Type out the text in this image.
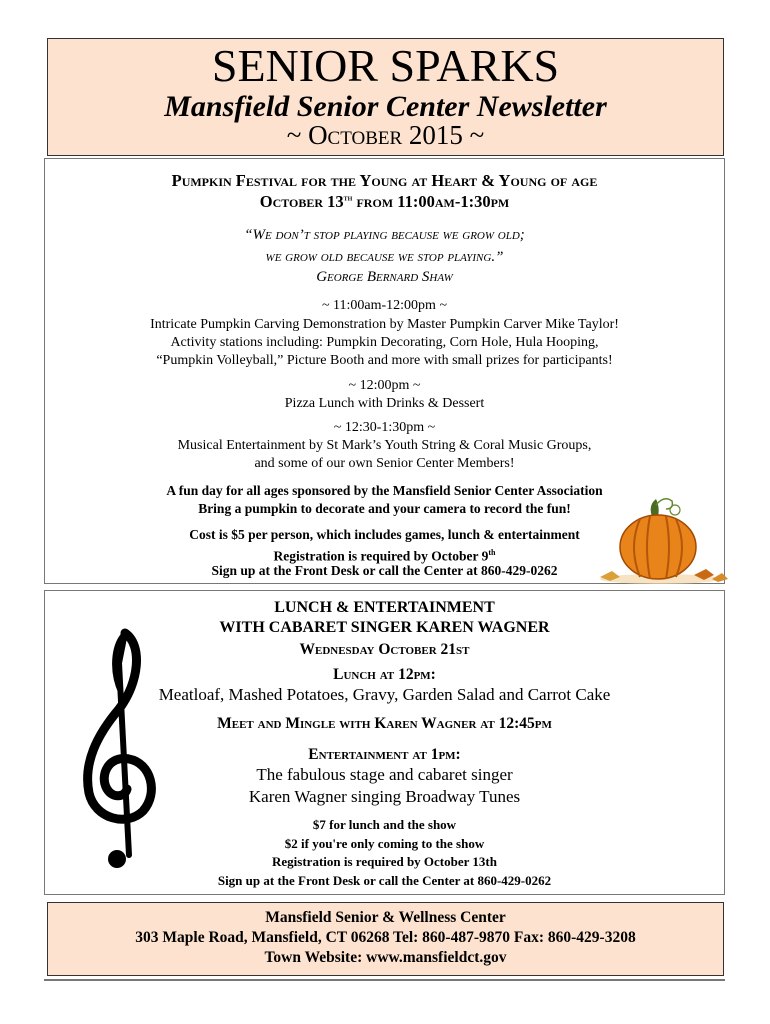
SENIOR SPARKS
Mansfield Senior Center Newsletter
~ October 2015 ~
Pumpkin Festival for the Young at Heart & Young of age
October 13th from 11:00am-1:30pm
“We don’t stop playing because we grow old;
we grow old because we stop playing.”
George Bernard Shaw
~ 11:00am-12:00pm ~
Intricate Pumpkin Carving Demonstration by Master Pumpkin Carver Mike Taylor!
Activity stations including: Pumpkin Decorating, Corn Hole, Hula Hooping,
“Pumpkin Volleyball,” Picture Booth and more with small prizes for participants!
~ 12:00pm ~
Pizza Lunch with Drinks & Dessert
~ 12:30-1:30pm ~
Musical Entertainment by St Mark’s Youth String & Coral Music Groups,
and some of our own Senior Center Members!
A fun day for all ages sponsored by the Mansfield Senior Center Association
Bring a pumpkin to decorate and your camera to record the fun!
Cost is $5 per person, which includes games, lunch & entertainment
Registration is required by October 9th
Sign up at the Front Desk or call the Center at 860-429-0262
LUNCH & ENTERTAINMENT
WITH CABARET SINGER KAREN WAGNER
Wednesday October 21st
Lunch at 12pm:
Meatloaf, Mashed Potatoes, Gravy, Garden Salad and Carrot Cake
Meet and Mingle with Karen Wagner at 12:45pm
Entertainment at 1pm:
The fabulous stage and cabaret singer
Karen Wagner singing Broadway Tunes
$7 for lunch and the show
$2 if you're only coming to the show
Registration is required by October 13th
Sign up at the Front Desk or call the Center at 860-429-0262
Mansfield Senior & Wellness Center
303 Maple Road, Mansfield, CT 06268 Tel: 860-487-9870 Fax: 860-429-3208
Town Website: www.mansfieldct.gov
